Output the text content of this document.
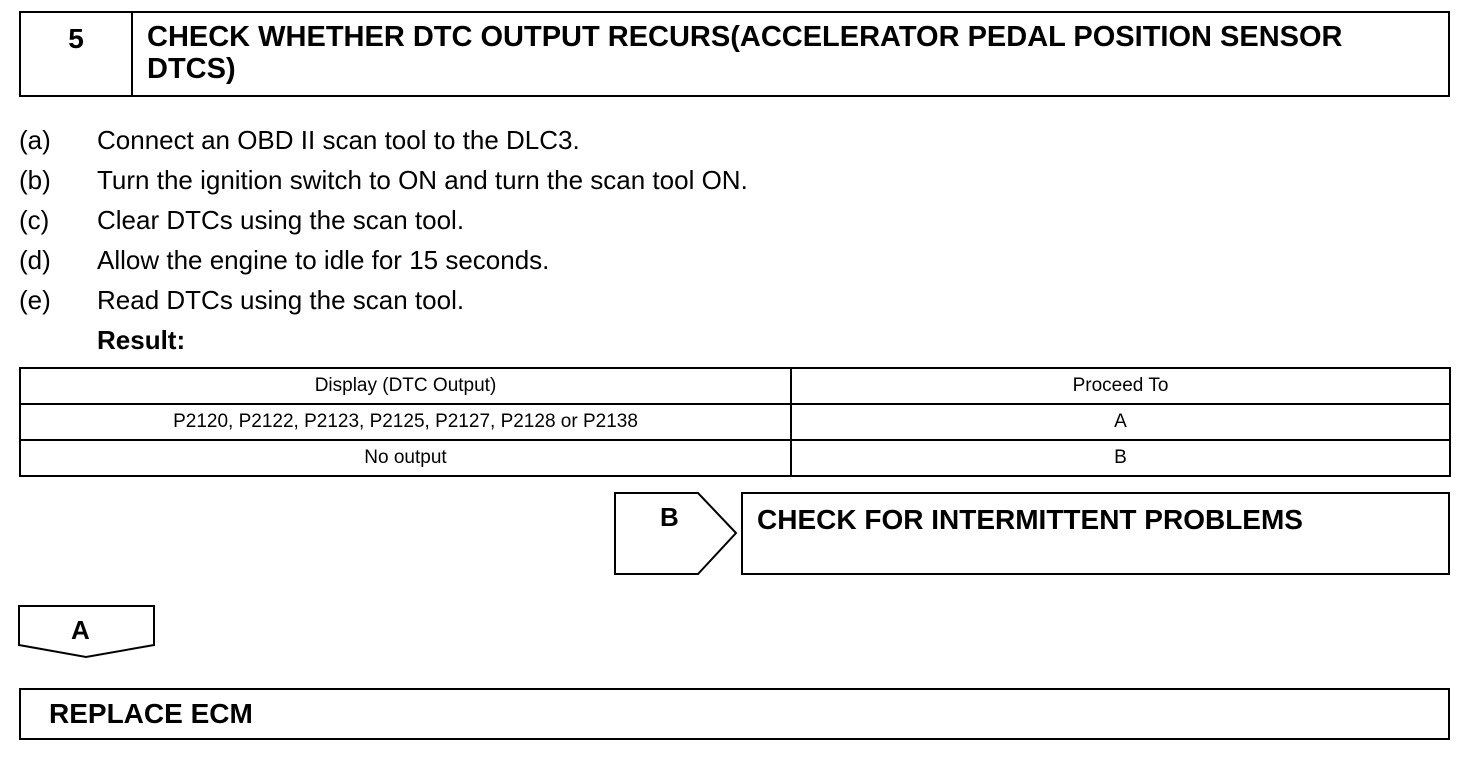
5	CHECK WHETHER DTC OUTPUT RECURS(ACCELERATOR PEDAL POSITION SENSOR DTCS)
(a) Connect an OBD II scan tool to the DLC3.
(b) Turn the ignition switch to ON and turn the scan tool ON.
(c) Clear DTCs using the scan tool.
(d) Allow the engine to idle for 15 seconds.
(e) Read DTCs using the scan tool.
Result:
Display (DTC Output)	Proceed To
P2120, P2122, P2123, P2125, P2127, P2128 or P2138	A
No output	B
B	CHECK FOR INTERMITTENT PROBLEMS
A
REPLACE ECM
